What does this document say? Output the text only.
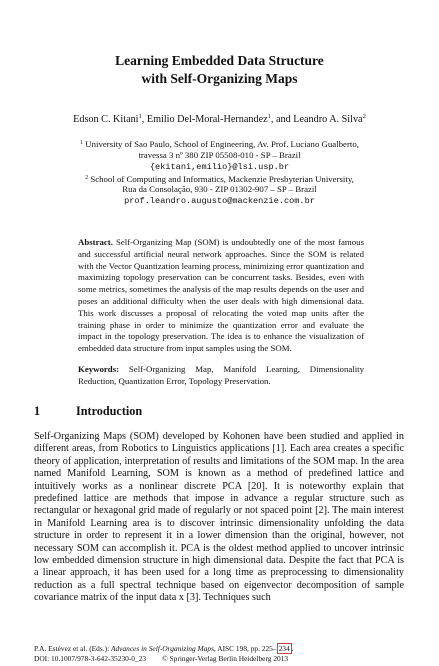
Learning Embedded Data Structure
with Self-Organizing Maps
Edson C. Kitani$^1$, Emilio Del-Moral-Hernandez$^1$, and Leandro A. Silva$^2$
$^1$ University of Sao Paulo, School of Engineering, Av. Prof. Luciano Gualberto,
travessa 3 nº 380 ZIP 05508-010 - SP – Brazil
{ekitani,emilio}@lsi.usp.br
$^2$ School of Computing and Informatics, Mackenzie Presbyterian University,
Rua da Consolação, 930 - ZIP 01302-907 – SP – Brazil
prof.leandro.augusto@mackenzie.com.br
Abstract. Self-Organizing Map (SOM) is undoubtedly one of the most famous and successful artificial neural network approaches. Since the SOM is related with the Vector Quantization learning process, minimizing error quantization and maximizing topology preservation can be concurrent tasks. Besides, even with some metrics, sometimes the analysis of the map results depends on the user and poses an additional difficulty when the user deals with high dimensional data. This work discusses a proposal of relocating the voted map units after the training phase in order to minimize the quantization error and evaluate the impact in the topology preservation. The idea is to enhance the visualization of embedded data structure from input samples using the SOM.
Keywords: Self-Organizing Map, Manifold Learning, Dimensionality Reduction, Quantization Error, Topology Preservation.
1	Introduction
Self-Organizing Maps (SOM) developed by Kohonen have been studied and applied in different areas, from Robotics to Linguistics applications [1]. Each area creates a specific theory of application, interpretation of results and limitations of the SOM map. In the area named Manifold Learning, SOM is known as a method of predefined lattice and intuitively works as a nonlinear discrete PCA [20]. It is noteworthy explain that predefined lattice are methods that impose in advance a regular structure such as rectangular or hexagonal grid made of regularly or not spaced point [2]. The main interest in Manifold Learning area is to discover intrinsic dimensionality unfolding the data structure in order to represent it in a lower dimension than the original, however, not necessary SOM can accomplish it. PCA is the oldest method applied to uncover intrinsic low embedded dimension structure in high dimensional data. Despite the fact that PCA is a linear approach, it has been used for a long time as preprocessing to dimensionality reduction as a full spectral technique based on eigenvector decomposition of sample covariance matrix of the input data x [3]. Techniques such
P.A. Estévez et al. (Eds.): Advances in Self-Organizing Maps, AISC 198, pp. 225– 234 .
DOI: 10.1007/978-3-642-35230-0_23 © Springer-Verlag Berlin Heidelberg 2013
